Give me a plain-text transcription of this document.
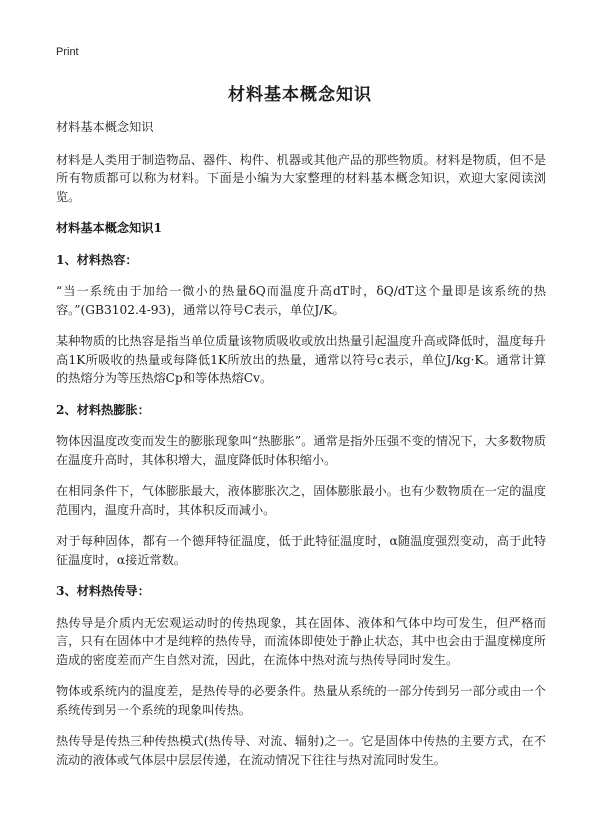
Print
材料基本概念知识

材料基本概念知识

材料是人类用于制造物品、器件、构件、机器或其他产品的那些物质。材料是物质，但不是所有物质都可以称为材料。下面是小编为大家整理的材料基本概念知识，欢迎大家阅读浏览。

材料基本概念知识1
1、材料热容：

“当一系统由于加给一微小的热量δQ而温度升高dT时，δQ/dT这个量即是该系统的热容。”(GB3102.4-93)，通常以符号C表示，单位J/K。

某种物质的比热容是指当单位质量该物质吸收或放出热量引起温度升高或降低时，温度每升高1K所吸收的热量或每降低1K所放出的热量，通常以符号c表示，单位J/kg·K。通常计算的热熔分为等压热熔Cp和等体热熔Cv。

2、材料热膨胀：

物体因温度改变而发生的膨胀现象叫“热膨胀”。通常是指外压强不变的情况下，大多数物质在温度升高时，其体积增大，温度降低时体积缩小。

在相同条件下，气体膨胀最大，液体膨胀次之，固体膨胀最小。也有少数物质在一定的温度范围内，温度升高时，其体积反而减小。

对于每种固体，都有一个德拜特征温度，低于此特征温度时，α随温度强烈变动，高于此特征温度时，α接近常数。

3、材料热传导：

热传导是介质内无宏观运动时的传热现象，其在固体、液体和气体中均可发生，但严格而言，只有在固体中才是纯粹的热传导，而流体即使处于静止状态，其中也会由于温度梯度所造成的密度差而产生自然对流，因此，在流体中热对流与热传导同时发生。

物体或系统内的温度差，是热传导的必要条件。热量从系统的一部分传到另一部分或由一个系统传到另一个系统的现象叫传热。

热传导是传热三种传热模式(热传导、对流、辐射)之一。它是固体中传热的主要方式，在不流动的液体或气体层中层层传递，在流动情况下往往与热对流同时发生。
